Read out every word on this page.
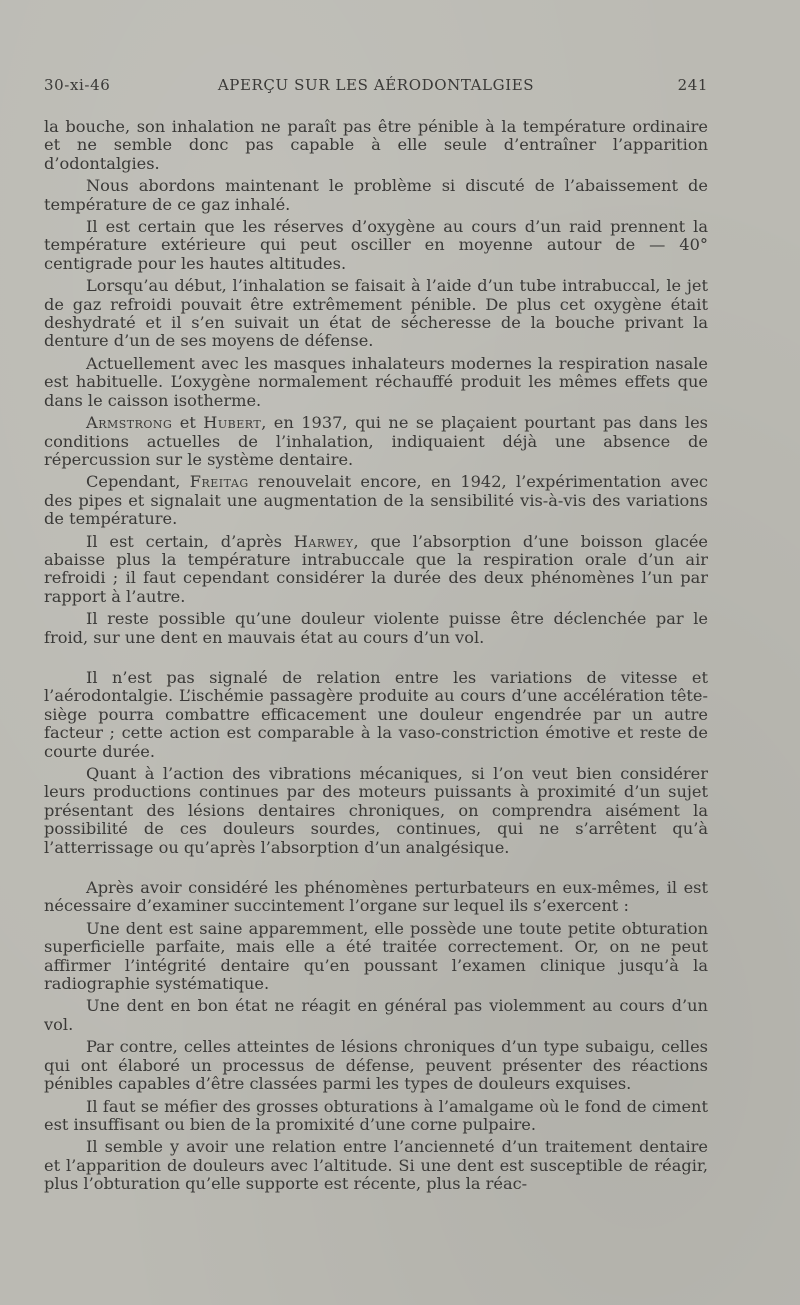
30-xi-46	APERÇU SUR LES AÉRODONTALGIES	241

la bouche, son inhalation ne paraît pas être pénible à la température ordinaire et ne semble donc pas capable à elle seule d’entraîner l’apparition d’odontalgies.

Nous abordons maintenant le problème si discuté de l’abaissement de température de ce gaz inhalé.

Il est certain que les réserves d’oxygène au cours d’un raid prennent la température extérieure qui peut osciller en moyenne autour de — 40° centigrade pour les hautes altitudes.

Lorsqu’au début, l’inhalation se faisait à l’aide d’un tube intrabuccal, le jet de gaz refroidi pouvait être extrêmement pénible. De plus cet oxygène était deshydraté et il s’en suivait un état de sécheresse de la bouche privant la denture d’un de ses moyens de défense.

Actuellement avec les masques inhalateurs modernes la respiration nasale est habituelle. L’oxygène normalement réchauffé produit les mêmes effets que dans le caisson isotherme.

Armstrong et Hubert, en 1937, qui ne se plaçaient pourtant pas dans les conditions actuelles de l’inhalation, indiquaient déjà une absence de répercussion sur le système dentaire.

Cependant, Freitag renouvelait encore, en 1942, l’expérimentation avec des pipes et signalait une augmentation de la sensibilité vis-à-vis des variations de température.

Il est certain, d’après Harwey, que l’absorption d’une boisson glacée abaisse plus la température intrabuccale que la respiration orale d’un air refroidi ; il faut cependant considérer la durée des deux phénomènes l’un par rapport à l’autre.

Il reste possible qu’une douleur violente puisse être déclenchée par le froid, sur une dent en mauvais état au cours d’un vol.

Il n’est pas signalé de relation entre les variations de vitesse et l’aérodontalgie. L’ischémie passagère produite au cours d’une accélération tête-siège pourra combattre efficacement une douleur engendrée par un autre facteur ; cette action est comparable à la vaso-constriction émotive et reste de courte durée.

Quant à l’action des vibrations mécaniques, si l’on veut bien considérer leurs productions continues par des moteurs puissants à proximité d’un sujet présentant des lésions dentaires chroniques, on comprendra aisément la possibilité de ces douleurs sourdes, continues, qui ne s’arrêtent qu’à l’atterrissage ou qu’après l’absorption d’un analgésique.

Après avoir considéré les phénomènes perturbateurs en eux-mêmes, il est nécessaire d’examiner succintement l’organe sur lequel ils s’exercent :

Une dent est saine apparemment, elle possède une toute petite obturation superficielle parfaite, mais elle a été traitée correctement. Or, on ne peut affirmer l’intégrité dentaire qu’en poussant l’examen clinique jusqu’à la radiographie systématique.

Une dent en bon état ne réagit en général pas violemment au cours d’un vol.

Par contre, celles atteintes de lésions chroniques d’un type subaigu, celles qui ont élaboré un processus de défense, peuvent présenter des réactions pénibles capables d’être classées parmi les types de douleurs exquises.

Il faut se méfier des grosses obturations à l’amalgame où le fond de ciment est insuffisant ou bien de la promixité d’une corne pulpaire.

Il semble y avoir une relation entre l’ancienneté d’un traitement dentaire et l’apparition de douleurs avec l’altitude. Si une dent est susceptible de réagir, plus l’obturation qu’elle supporte est récente, plus la réac-
